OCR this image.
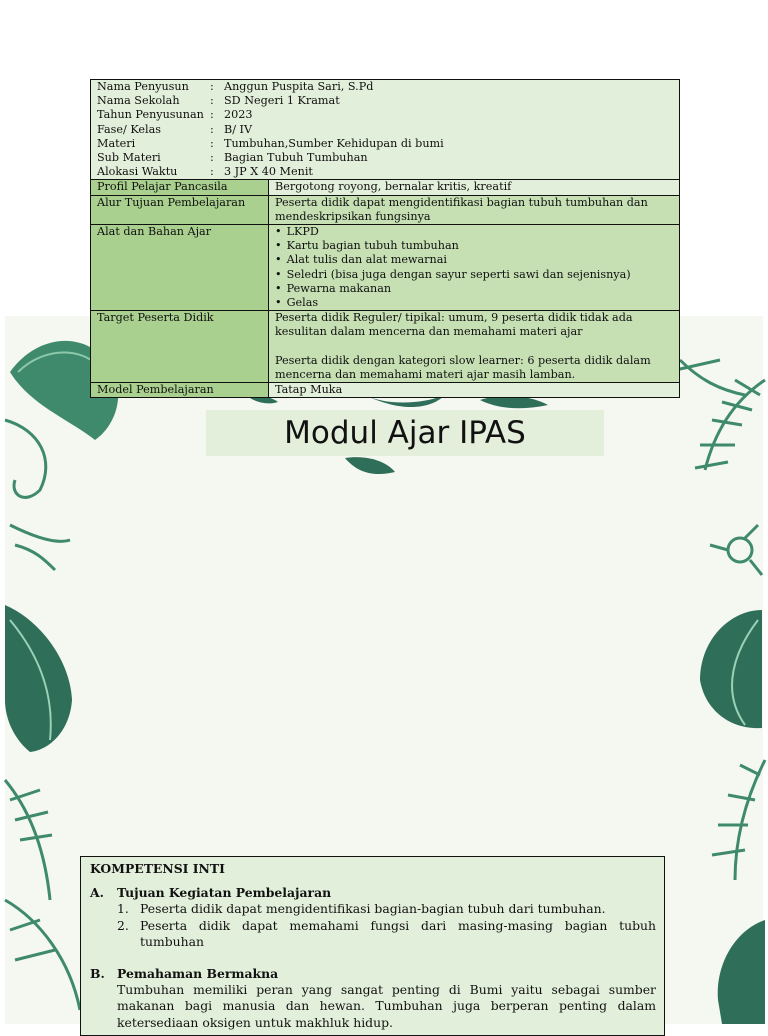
Nama Penyusun	: Anggun Puspita Sari, S.Pd
Nama Sekolah	: SD Negeri 1 Kramat
Tahun Penyusunan : 2023
Fase/ Kelas	: B/ IV
Materi	: Tumbuhan,Sumber Kehidupan di bumi
Sub Materi	: Bagian Tubuh Tumbuhan
Alokasi Waktu	: 3 JP X 40 Menit
Profil Pelajar Pancasila	Bergotong royong, bernalar kritis, kreatif
Alur Tujuan Pembelajaran	Peserta didik dapat mengidentifikasi bagian tubuh tumbuhan dan mendeskripsikan fungsinya
Alat dan Bahan Ajar
•	LKPD
• Kartu bagian tubuh tumbuhan
• Alat tulis dan alat mewarnai
• Seledri (bisa juga dengan sayur seperti sawi dan sejenisnya)
• Pewarna makanan
• Gelas
Target Peserta Didik	Peserta didik Reguler/ tipikal: umum, 9 peserta didik tidak ada kesulitan dalam mencerna dan memahami materi ajar
Peserta didik dengan kategori slow learner: 6 peserta didik dalam mencerna dan memahami materi ajar masih lamban.
Model Pembelajaran	Tatap Muka
Modul Ajar IPAS
KOMPETENSI INTI
A.	Tujuan Kegiatan Pembelajaran
1. Peserta didik dapat mengidentifikasi bagian-bagian tubuh dari tumbuhan.
2. Peserta didik dapat memahami fungsi dari masing-masing bagian tubuh tumbuhan
B. Pemahaman Bermakna
Tumbuhan memiliki peran yang sangat penting di Bumi yaitu sebagai sumber makanan bagi manusia dan hewan. Tumbuhan juga berperan penting dalam ketersediaan oksigen untuk makhluk hidup.
